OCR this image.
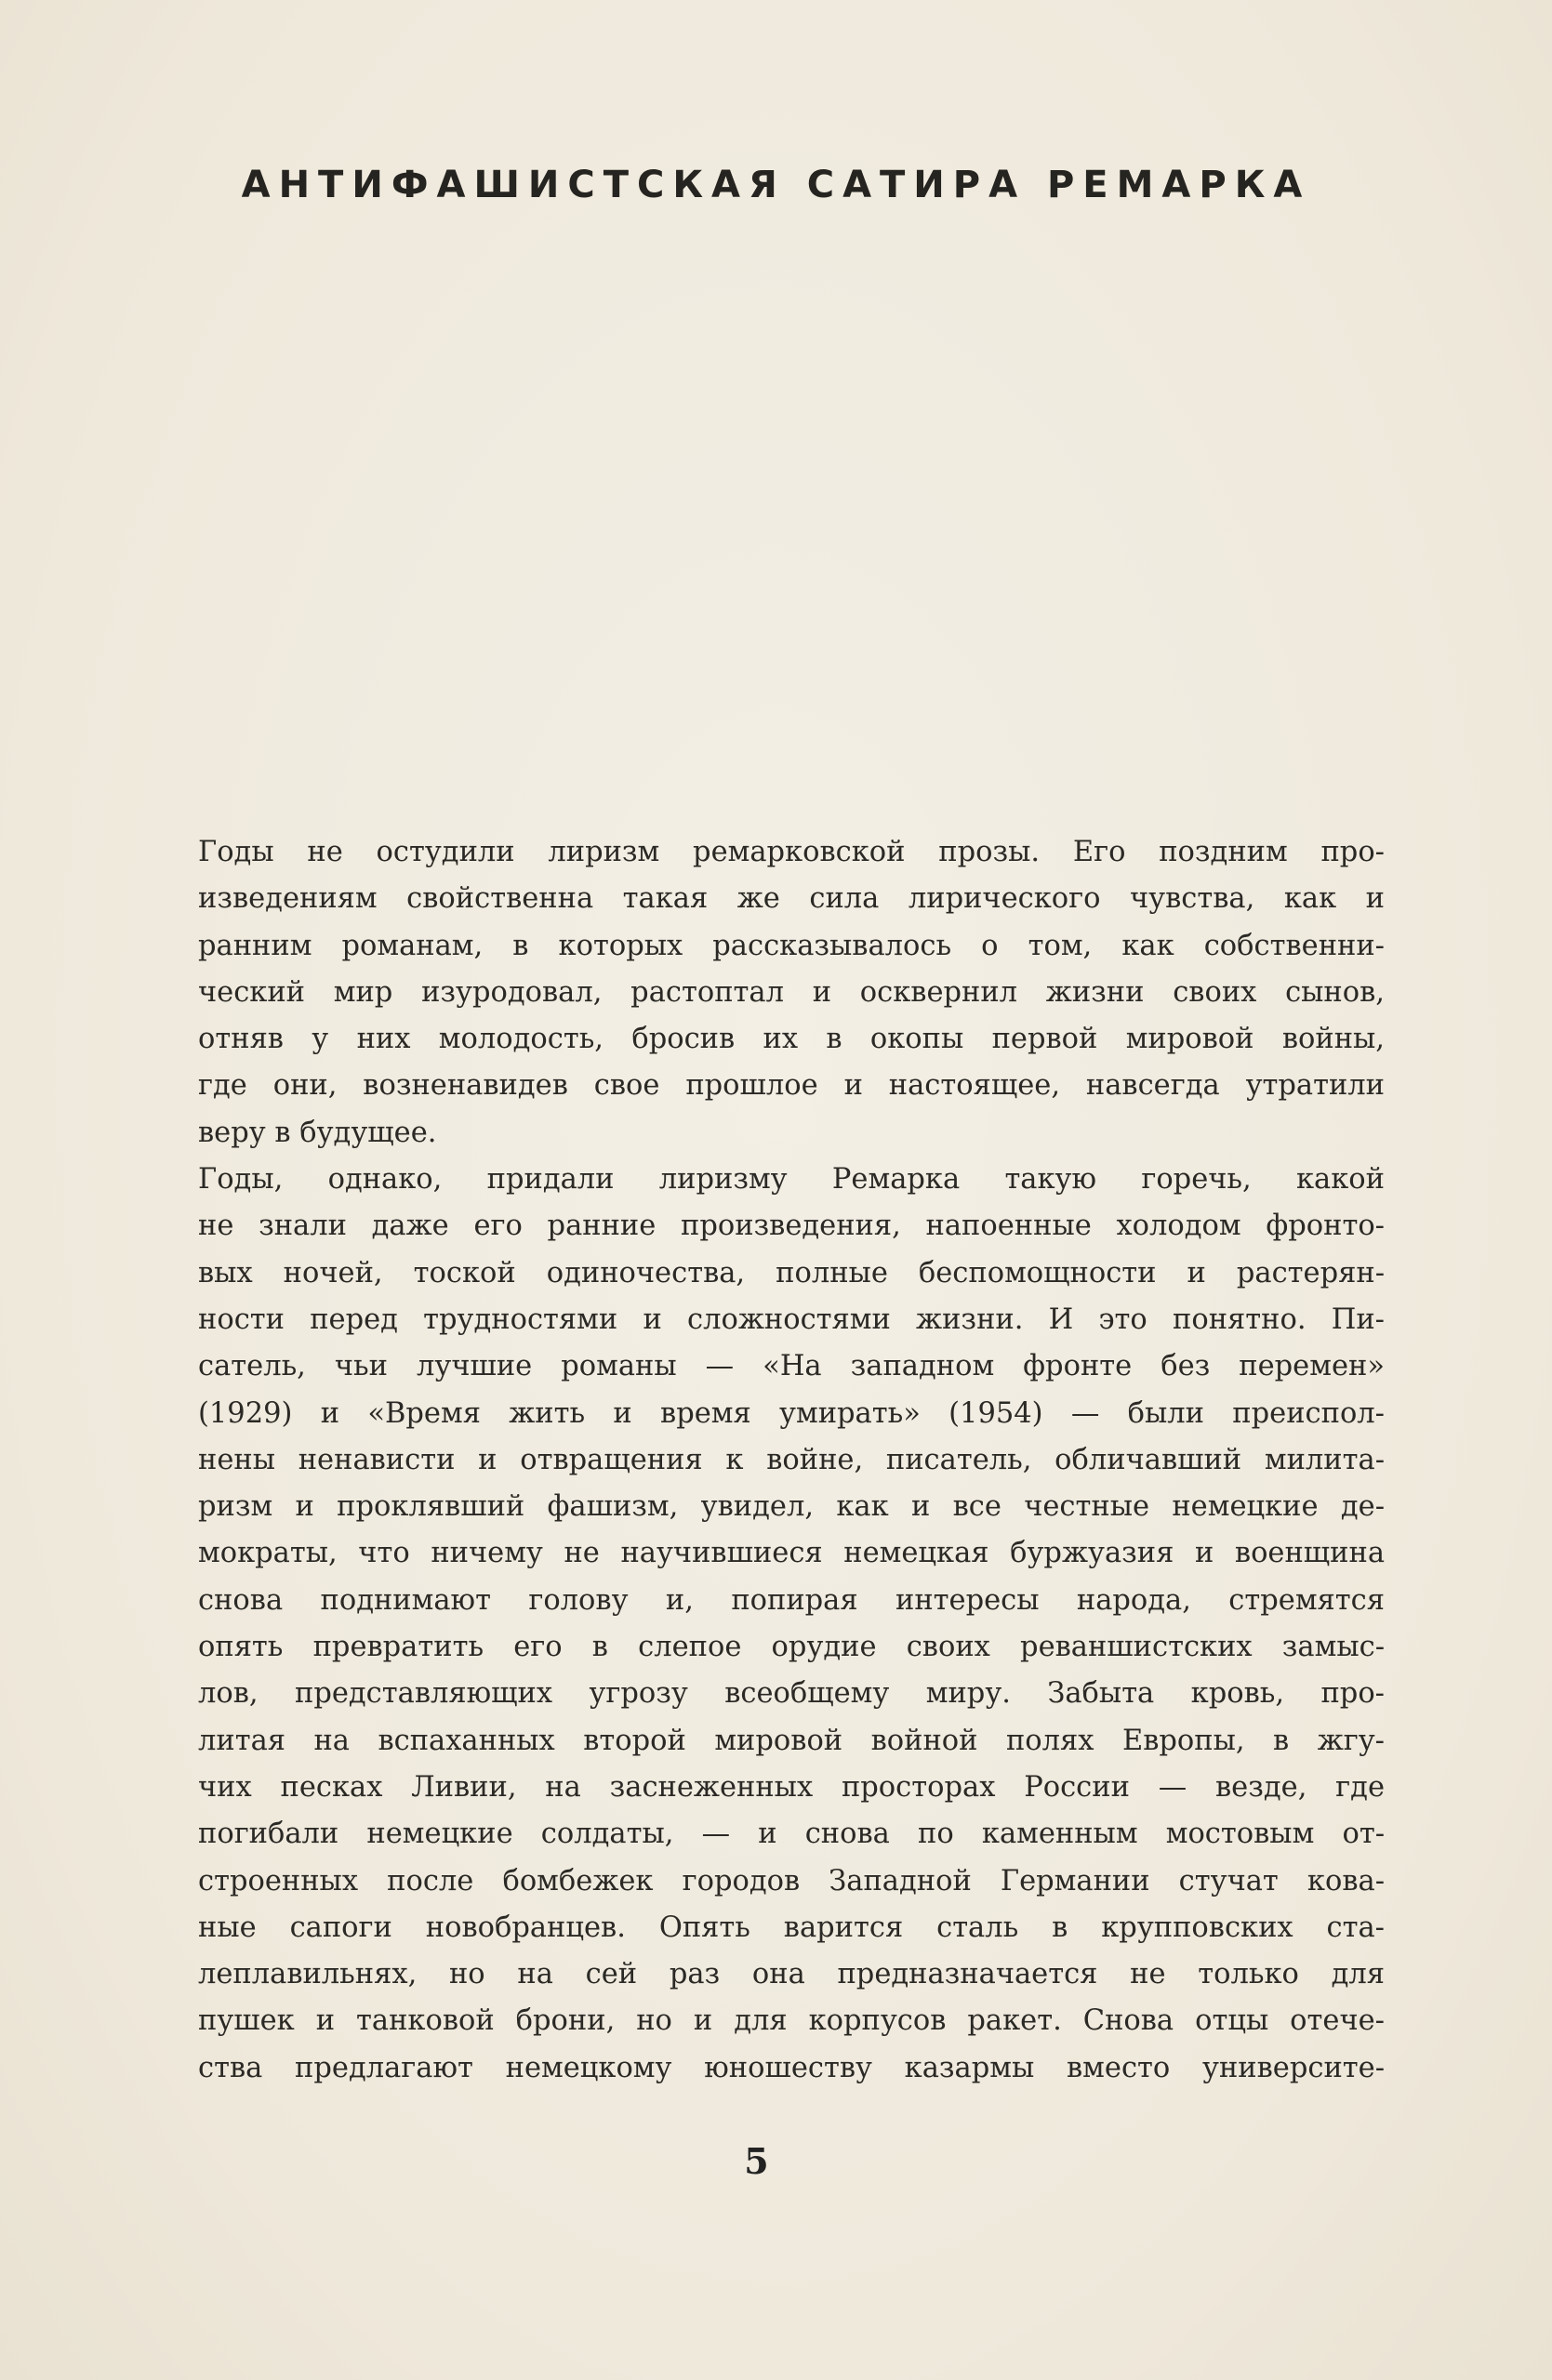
АНТИФАШИСТСКАЯ САТИРА РЕМАРКА
Годы не остудили лиризм ремарковской прозы. Его поздним про-
изведениям свойственна такая же сила лирического чувства, как и
ранним романам, в которых рассказывалось о том, как собственни-
ческий мир изуродовал, растоптал и осквернил жизни своих сынов,
отняв у них молодость, бросив их в окопы первой мировой войны,
где они, возненавидев свое прошлое и настоящее, навсегда утратили
веру в будущее.
Годы, однако, придали лиризму Ремарка такую горечь, какой
не знали даже его ранние произведения, напоенные холодом фронто-
вых ночей, тоской одиночества, полные беспомощности и растерян-
ности перед трудностями и сложностями жизни. И это понятно. Пи-
сатель, чьи лучшие романы — «На западном фронте без перемен»
(1929) и «Время жить и время умирать» (1954) — были преиспол-
нены ненависти и отвращения к войне, писатель, обличавший милита-
ризм и проклявший фашизм, увидел, как и все честные немецкие де-
мократы, что ничему не научившиеся немецкая буржуазия и военщина
снова поднимают голову и, попирая интересы народа, стремятся
опять превратить его в слепое орудие своих реваншистских замыс-
лов, представляющих угрозу всеобщему миру. Забыта кровь, про-
литая на вспаханных второй мировой войной полях Европы, в жгу-
чих песках Ливии, на заснеженных просторах России — везде, где
погибали немецкие солдаты, — и снова по каменным мостовым от-
строенных после бомбежек городов Западной Германии стучат кова-
ные сапоги новобранцев. Опять варится сталь в крупповских ста-
леплавильнях, но на сей раз она предназначается не только для
пушек и танковой брони, но и для корпусов ракет. Снова отцы отече-
ства предлагают немецкому юношеству казармы вместо университе-
5
